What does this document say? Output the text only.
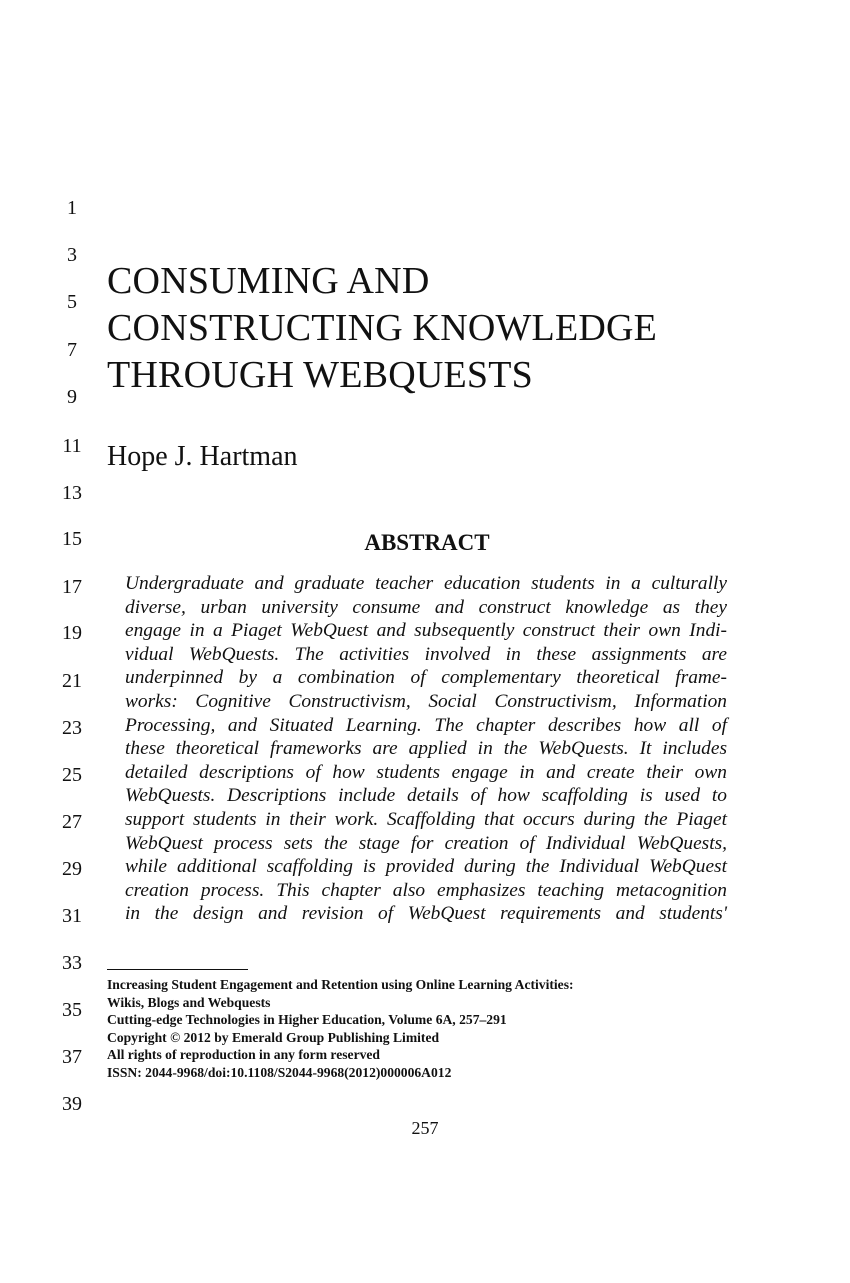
1
3
5
7
9
11
13
15
17
19
21
23
25
27
29
31
33
35
37
39
CONSUMING AND
CONSTRUCTING KNOWLEDGE
THROUGH WEBQUESTS
Hope J. Hartman
ABSTRACT
Undergraduate and graduate teacher education students in a culturally
diverse, urban university consume and construct knowledge as they
engage in a Piaget WebQuest and subsequently construct their own Indi-
vidual WebQuests. The activities involved in these assignments are
underpinned by a combination of complementary theoretical frame-
works: Cognitive Constructivism, Social Constructivism, Information
Processing, and Situated Learning. The chapter describes how all of
these theoretical frameworks are applied in the WebQuests. It includes
detailed descriptions of how students engage in and create their own
WebQuests. Descriptions include details of how scaffolding is used to
support students in their work. Scaffolding that occurs during the Piaget
WebQuest process sets the stage for creation of Individual WebQuests,
while additional scaffolding is provided during the Individual WebQuest
creation process. This chapter also emphasizes teaching metacognition
in the design and revision of WebQuest requirements and students'
Increasing Student Engagement and Retention using Online Learning Activities:
Wikis, Blogs and Webquests
Cutting-edge Technologies in Higher Education, Volume 6A, 257–291
Copyright © 2012 by Emerald Group Publishing Limited
All rights of reproduction in any form reserved
ISSN: 2044-9968/doi:10.1108/S2044-9968(2012)000006A012
257
